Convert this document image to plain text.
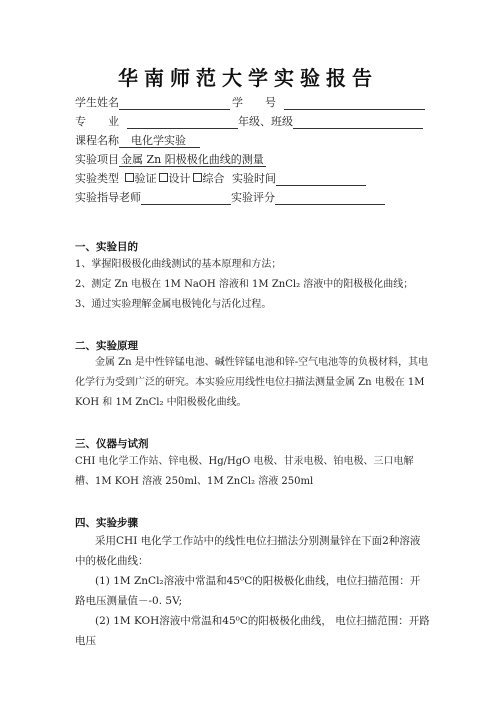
华南师范大学实验报告
学生姓名	学　　号
专　　业	年级、班级
课程名称 电化学实验
实验项目 金属 Zn 阳极极化曲线的测量
实验类型 验证 设计 综合 实验时间
实验指导老师	实验评分
一、实验目的
1、掌握阳极极化曲线测试的基本原理和方法；
2、测定 Zn 电极在 1M NaOH 溶液和 1M ZnCl₂ 溶液中的阳极极化曲线；
3、通过实验理解金属电极钝化与活化过程。
二、实验原理
金属 Zn 是中性锌锰电池、碱性锌锰电池和锌-空气电池等的负极材料，其电化学行为受到广泛的研究。本实验应用线性电位扫描法测量金属 Zn 电极在 1M KOH 和 1M ZnCl₂ 中阳极极化曲线。
三、仪器与试剂
CHI 电化学工作站、锌电极、Hg/HgO 电极、甘汞电极、铂电极、三口电解槽、1M KOH 溶液 250ml、1M ZnCl₂ 溶液 250ml
四、实验步骤
采用CHI 电化学工作站中的线性电位扫描法分别测量锌在下面2种溶液中的极化曲线：
(1) 1M ZnCl₂溶液中常温和45⁰C的阳极极化曲线，电位扫描范围：开路电压测量值－-0. 5V;
(2) 1M KOH溶液中常温和45⁰C的阳极极化曲线， 电位扫描范围：开路电压
